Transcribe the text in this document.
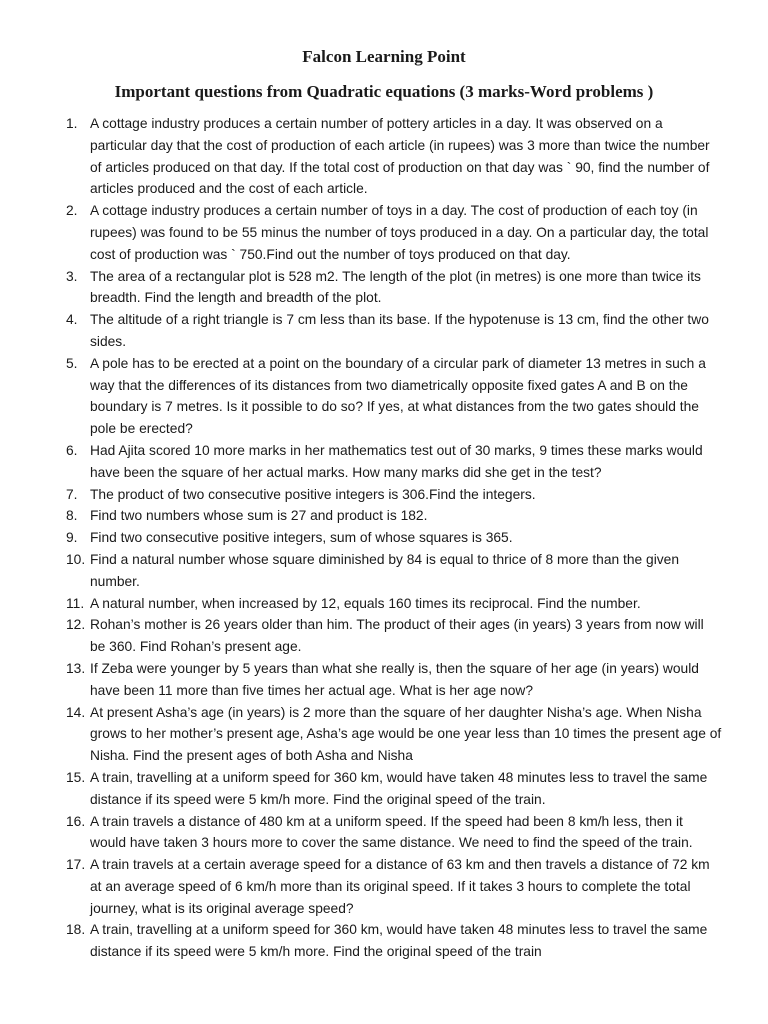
Falcon Learning Point
Important questions from Quadratic equations (3 marks-Word problems )
1. A cottage industry produces a certain number of pottery articles in a day. It was observed on a particular day that the cost of production of each article (in rupees) was 3 more than twice the number of articles produced on that day. If the total cost of production on that day was ` 90, find the number of articles produced and the cost of each article.
2. A cottage industry produces a certain number of toys in a day. The cost of production of each toy (in rupees) was found to be 55 minus the number of toys produced in a day. On a particular day, the total cost of production was ` 750.Find out the number of toys produced on that day.
3. The area of a rectangular plot is 528 m2. The length of the plot (in metres) is one more than twice its breadth. Find the length and breadth of the plot.
4. The altitude of a right triangle is 7 cm less than its base. If the hypotenuse is 13 cm, find the other two sides.
5. A pole has to be erected at a point on the boundary of a circular park of diameter 13 metres in such a way that the differences of its distances from two diametrically opposite fixed gates A and B on the boundary is 7 metres. Is it possible to do so? If yes, at what distances from the two gates should the pole be erected?
6. Had Ajita scored 10 more marks in her mathematics test out of 30 marks, 9 times these marks would have been the square of her actual marks. How many marks did she get in the test?
7. The product of two consecutive positive integers is 306.Find the integers.
8. Find two numbers whose sum is 27 and product is 182.
9. Find two consecutive positive integers, sum of whose squares is 365.
10. Find a natural number whose square diminished by 84 is equal to thrice of 8 more than the given number.
11. A natural number, when increased by 12, equals 160 times its reciprocal. Find the number.
12. Rohan’s mother is 26 years older than him. The product of their ages (in years) 3 years from now will be 360. Find Rohan’s present age.
13. If Zeba were younger by 5 years than what she really is, then the square of her age (in years) would have been 11 more than five times her actual age. What is her age now?
14. At present Asha’s age (in years) is 2 more than the square of her daughter Nisha’s age. When Nisha grows to her mother’s present age, Asha’s age would be one year less than 10 times the present age of Nisha. Find the present ages of both Asha and Nisha
15. A train, travelling at a uniform speed for 360 km, would have taken 48 minutes less to travel the same distance if its speed were 5 km/h more. Find the original speed of the train.
16. A train travels a distance of 480 km at a uniform speed. If the speed had been 8 km/h less, then it would have taken 3 hours more to cover the same distance. We need to find the speed of the train.
17. A train travels at a certain average speed for a distance of 63 km and then travels a distance of 72 km at an average speed of 6 km/h more than its original speed. If it takes 3 hours to complete the total journey, what is its original average speed?
18. A train, travelling at a uniform speed for 360 km, would have taken 48 minutes less to travel the same distance if its speed were 5 km/h more. Find the original speed of the train
